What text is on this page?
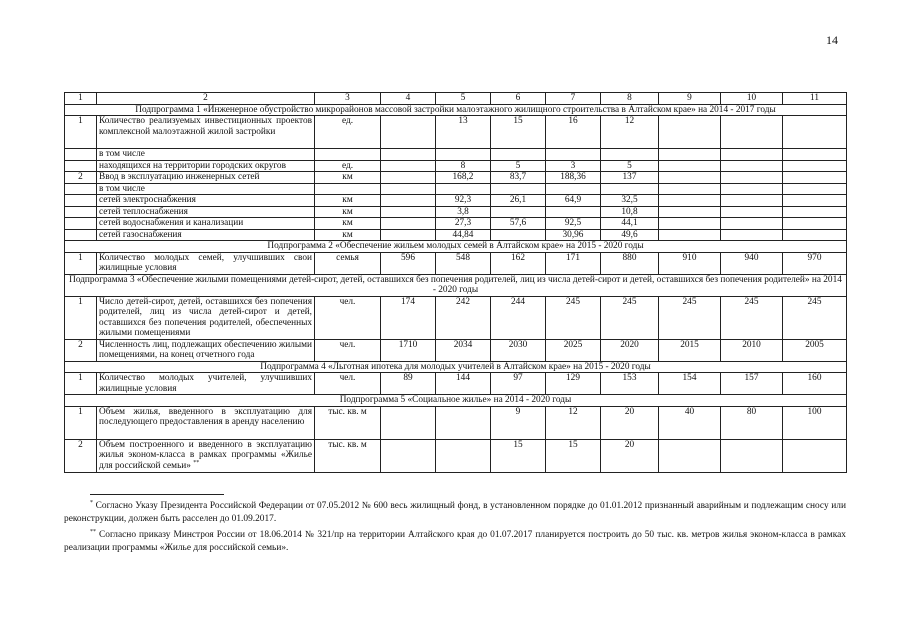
14
1	2	3	4	5	6	7	8	9	10	11
Подпрограмма 1 «Инженерное обустройство микрорайонов массовой застройки малоэтажного жилищного строительства в Алтайском крае» на 2014 - 2017 годы										
1	Количество реализуемых инвестиционных проектов комплексной малоэтажной жилой застройки	ед.		13	15	16	12			
	в том числе									
	находящихся на территории городских округов	ед.		8	5	3	5			
2	Ввод в эксплуатацию инженерных сетей	км		168,2	83,7	188,36	137			
	в том числе									
	сетей электроснабжения	км		92,3	26,1	64,9	32,5			
	сетей теплоснабжения	км		3,8			10,8			
	сетей водоснабжения и канализации	км		27,3	57,6	92,5	44,1			
	сетей газоснабжения	км		44,84		30,96	49,6			
Подпрограмма 2 «Обеспечение жильем молодых семей в Алтайском крае» на 2015 - 2020 годы										
1	Количество молодых семей, улучшивших свои жилищные условия	семья	596	548	162	171	880	910	940	970
Подпрограмма 3 «Обеспечение жилыми помещениями детей-сирот, детей, оставшихся без попечения родителей, лиц из числа детей-сирот и детей, оставшихся без попечения родителей» на 2014 - 2020 годы										
1	Число детей-сирот, детей, оставшихся без попечения родителей, лиц из числа детей-сирот и детей, оставшихся без попечения родителей, обеспеченных жилыми помещениями	чел.	174	242	244	245	245	245	245	245
2	Численность лиц, подлежащих обеспечению жилыми помещениями, на конец отчетного года	чел.	1710	2034	2030	2025	2020	2015	2010	2005
Подпрограмма 4 «Льготная ипотека для молодых учителей в Алтайском крае» на 2015 - 2020 годы										
1	Количество молодых учителей, улучшивших жилищные условия	чел.	89	144	97	129	153	154	157	160
Подпрограмма 5 «Социальное жилье» на 2014 - 2020 годы										
1	Объем жилья, введенного в эксплуатацию для последующего предоставления в аренду населению	тыс. кв. м			9	12	20	40	80	100
2	Объем построенного и введенного в эксплуатацию жилья эконом-класса в рамках программы «Жилье для российской семьи» **	тыс. кв. м			15	15	20			
* Согласно Указу Президента Российской Федерации от 07.05.2012 № 600 весь жилищный фонд, в установленном порядке до 01.01.2012 признанный аварийным и подлежащим сносу или реконструкции, должен быть расселен до 01.09.2017.
** Согласно приказу Минстроя России от 18.06.2014 № 321/пр на территории Алтайского края до 01.07.2017 планируется построить до 50 тыс. кв. метров жилья эконом-класса в рамках реализации программы «Жилье для российской семьи».
